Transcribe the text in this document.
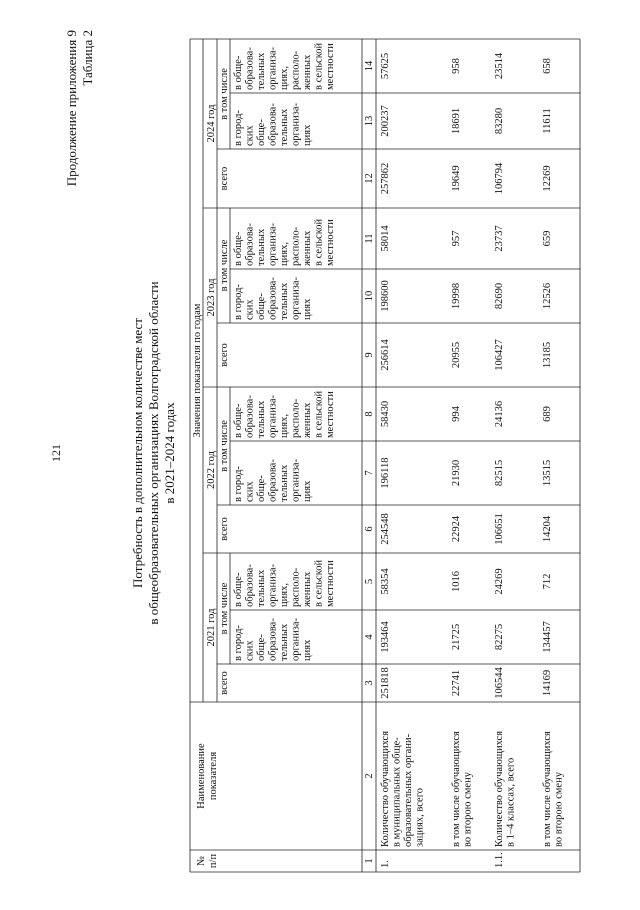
121
Продолжение приложения 9 Таблица 2
Потребность в дополнительном количестве мест в общеобразовательных организациях Волгоградской области в 2021–2024 годах
№ п/п
Наименование показателя
Значения показателя по годам
2021 год
всего
в том числе
в город- ских обще- образова- тельных организа- циях
в обще- образова- тельных организа- циях, располо- женных в сельской местности
2022 год
всего
в том числе
в город- ских обще- образова- тельных организа- циях
в обще- образова- тельных организа- циях, располо- женных в сельской местности
2023 год
всего
в том числе
в город- ских обще- образова- тельных организа- циях
в обще- образова- тельных организа- циях, располо- женных в сельской местности
2024 год
всего
в том числе
в город- ских обще- образова- тельных организа- циях
в обще- образова- тельных организа- циях, располо- женных в сельской местности
1
2
3
4
5
6
7
8
9
10
11
12
13
14
1.
Количество обучающихся в муниципальных обще- образовательных органи- зациях, всего
251818
193464
58354
254548
196118
58430
256614
198600
58014
257862
200237
57625
в том числе обучающихся во второю смену
22741
21725
1016
22924
21930
994
20955
19998
957
19649
18691
958
1.1.
Количество обучающихся в 1–4 классах, всего
106544
82275
24269
106651
82515
24136
106427
82690
23737
106794
83280
23514
в том числе обучающихся во второю смену
14169
134457
712
14204
13515
689
13185
12526
659
12269
11611
658
